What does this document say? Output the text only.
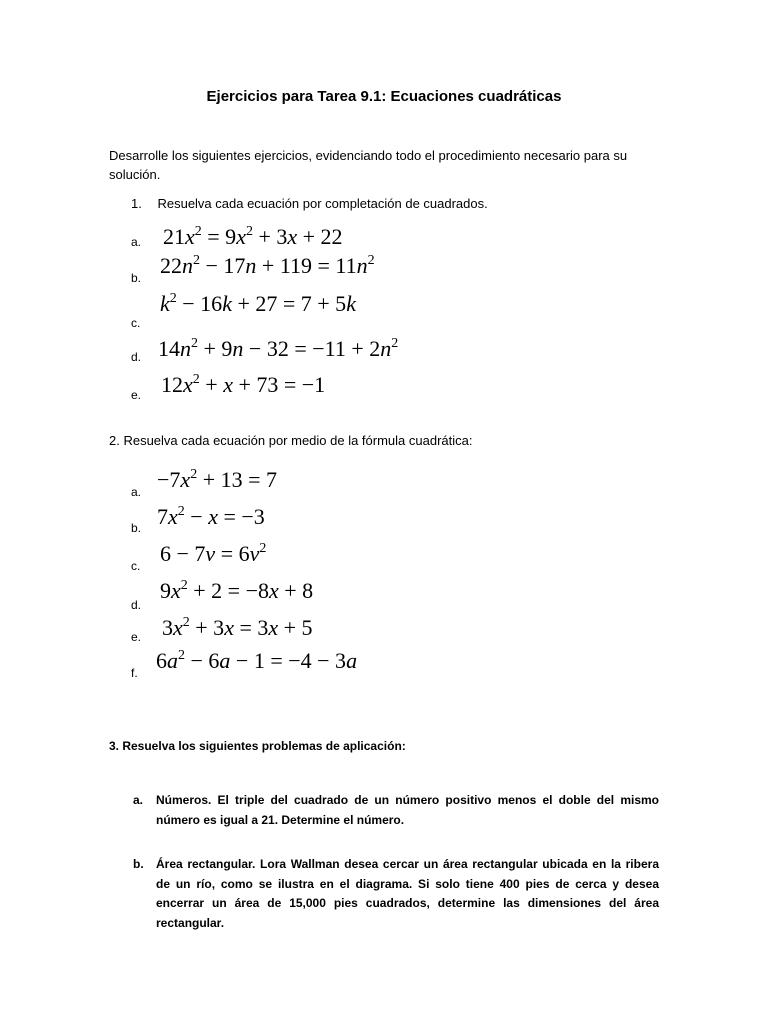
Ejercicios para Tarea 9.1: Ecuaciones cuadráticas
Desarrolle los siguientes ejercicios, evidenciando todo el procedimiento necesario para su solución.
1. Resuelva cada ecuación por completación de cuadrados.
a. $21x^2 = 9x^2 + 3x + 22$
b. $22n^2 - 17n + 119 = 11n^2$
c.
$k^2 - 16k + 27 = 7 + 5k$
d. $14n^2 + 9n - 32 = -11 + 2n^2$
e. $12x^2 + x + 73 = -1$
2. Resuelva cada ecuación por medio de la fórmula cuadrática:
a. $-7x^2 + 13 = 7$
b. $7x^2 - x = -3$
c. $6 - 7v = 6v^2$
d.
$9x^2 + 2 = -8x + 8$
e. $3x^2 + 3x = 3x + 5$
f. $6a^2 - 6a - 1 = -4 - 3a$
3. Resuelva los siguientes problemas de aplicación:
a. Números. El triple del cuadrado de un número positivo menos el doble del mismo número es igual a 21. Determine el número.
b. Área rectangular. Lora Wallman desea cercar un área rectangular ubicada en la ribera de un río, como se ilustra en el diagrama. Si solo tiene 400 pies de cerca y desea encerrar un área de 15,000 pies cuadrados, determine las dimensiones del área rectangular.
